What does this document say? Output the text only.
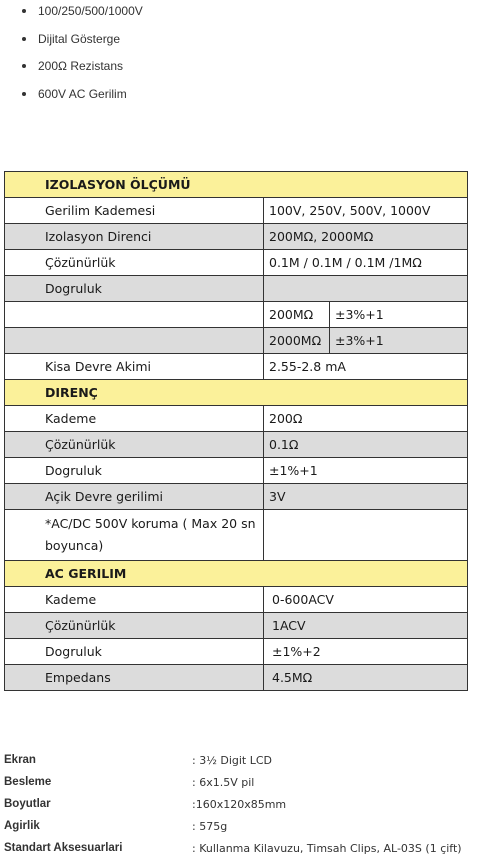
100/250/500/1000V
Dijital Gösterge
200Ω Rezistans
600V AC Gerilim
IZOLASYON ÖLÇÜMÜ		
Gerilim Kademesi	100V, 250V, 500V, 1000V	
Izolasyon Direnci	200MΩ, 2000MΩ	
Çözünürlük	0.1M / 0.1M / 0.1M /1MΩ	
Dogruluk		
	200MΩ	±3%+1
	2000MΩ	±3%+1
Kisa Devre Akimi	2.55-2.8 mA	
DIRENÇ		
Kademe	200Ω	
Çözünürlük	0.1Ω	
Dogruluk	±1%+1	
Açik Devre gerilimi	3V	
*AC/DC 500V koruma ( Max 20 sn boyunca)		
AC GERILIM		
Kademe	0-600ACV	
Çözünürlük	1ACV	
Dogruluk	±1%+2	
Empedans	4.5MΩ	
Ekran	: 3½ Digit LCD
Besleme	: 6x1.5V pil
Boyutlar	:160x120x85mm
Agirlik	: 575g
Standart Aksesuarlari	: Kullanma Kilavuzu, Timsah Clips, AL-03S (1 çift)
